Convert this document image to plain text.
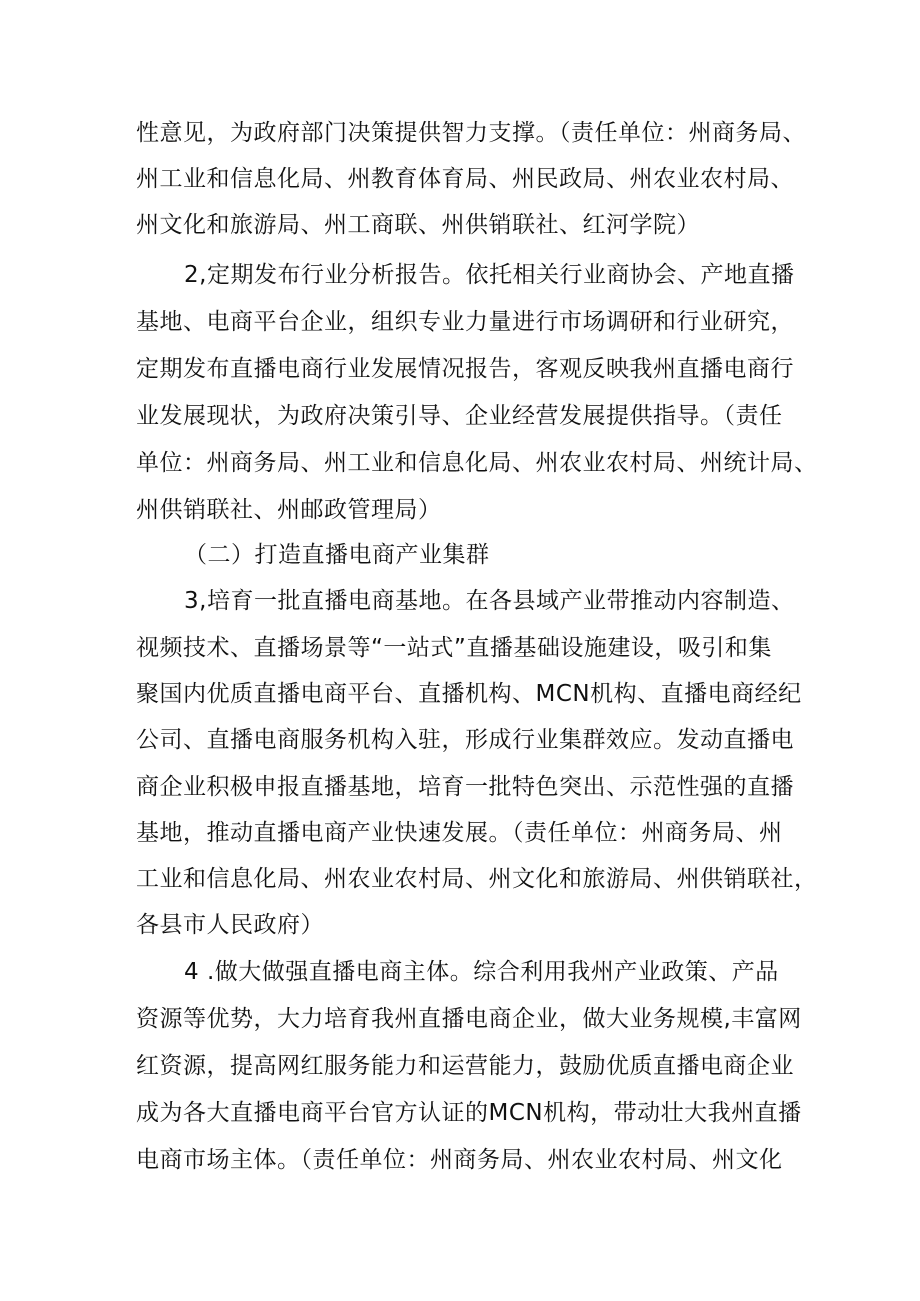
性意见，为政府部门决策提供智力支撑。（责任单位：州商务局、
州工业和信息化局、州教育体育局、州民政局、州农业农村局、
州文化和旅游局、州工商联、州供销联社、红河学院）
2,定期发布行业分析报告。依托相关行业商协会、产地直播
基地、电商平台企业，组织专业力量进行市场调研和行业研究，
定期发布直播电商行业发展情况报告，客观反映我州直播电商行
业发展现状，为政府决策引导、企业经营发展提供指导。（责任
单位：州商务局、州工业和信息化局、州农业农村局、州统计局、
州供销联社、州邮政管理局）
（二）打造直播电商产业集群
3,培育一批直播电商基地。在各县域产业带推动内容制造、
视频技术、直播场景等“一站式”直播基础设施建设，吸引和集
聚国内优质直播电商平台、直播机构、MCN机构、直播电商经纪
公司、直播电商服务机构入驻，形成行业集群效应。发动直播电
商企业积极申报直播基地，培育一批特色突出、示范性强的直播
基地，推动直播电商产业快速发展。（责任单位：州商务局、州
工业和信息化局、州农业农村局、州文化和旅游局、州供销联社，
各县市人民政府）
4 .做大做强直播电商主体。综合利用我州产业政策、产品
资源等优势，大力培育我州直播电商企业，做大业务规模,丰富网
红资源，提高网红服务能力和运营能力，鼓励优质直播电商企业
成为各大直播电商平台官方认证的MCN机构，带动壮大我州直播
电商市场主体。（责任单位：州商务局、州农业农村局、州文化
